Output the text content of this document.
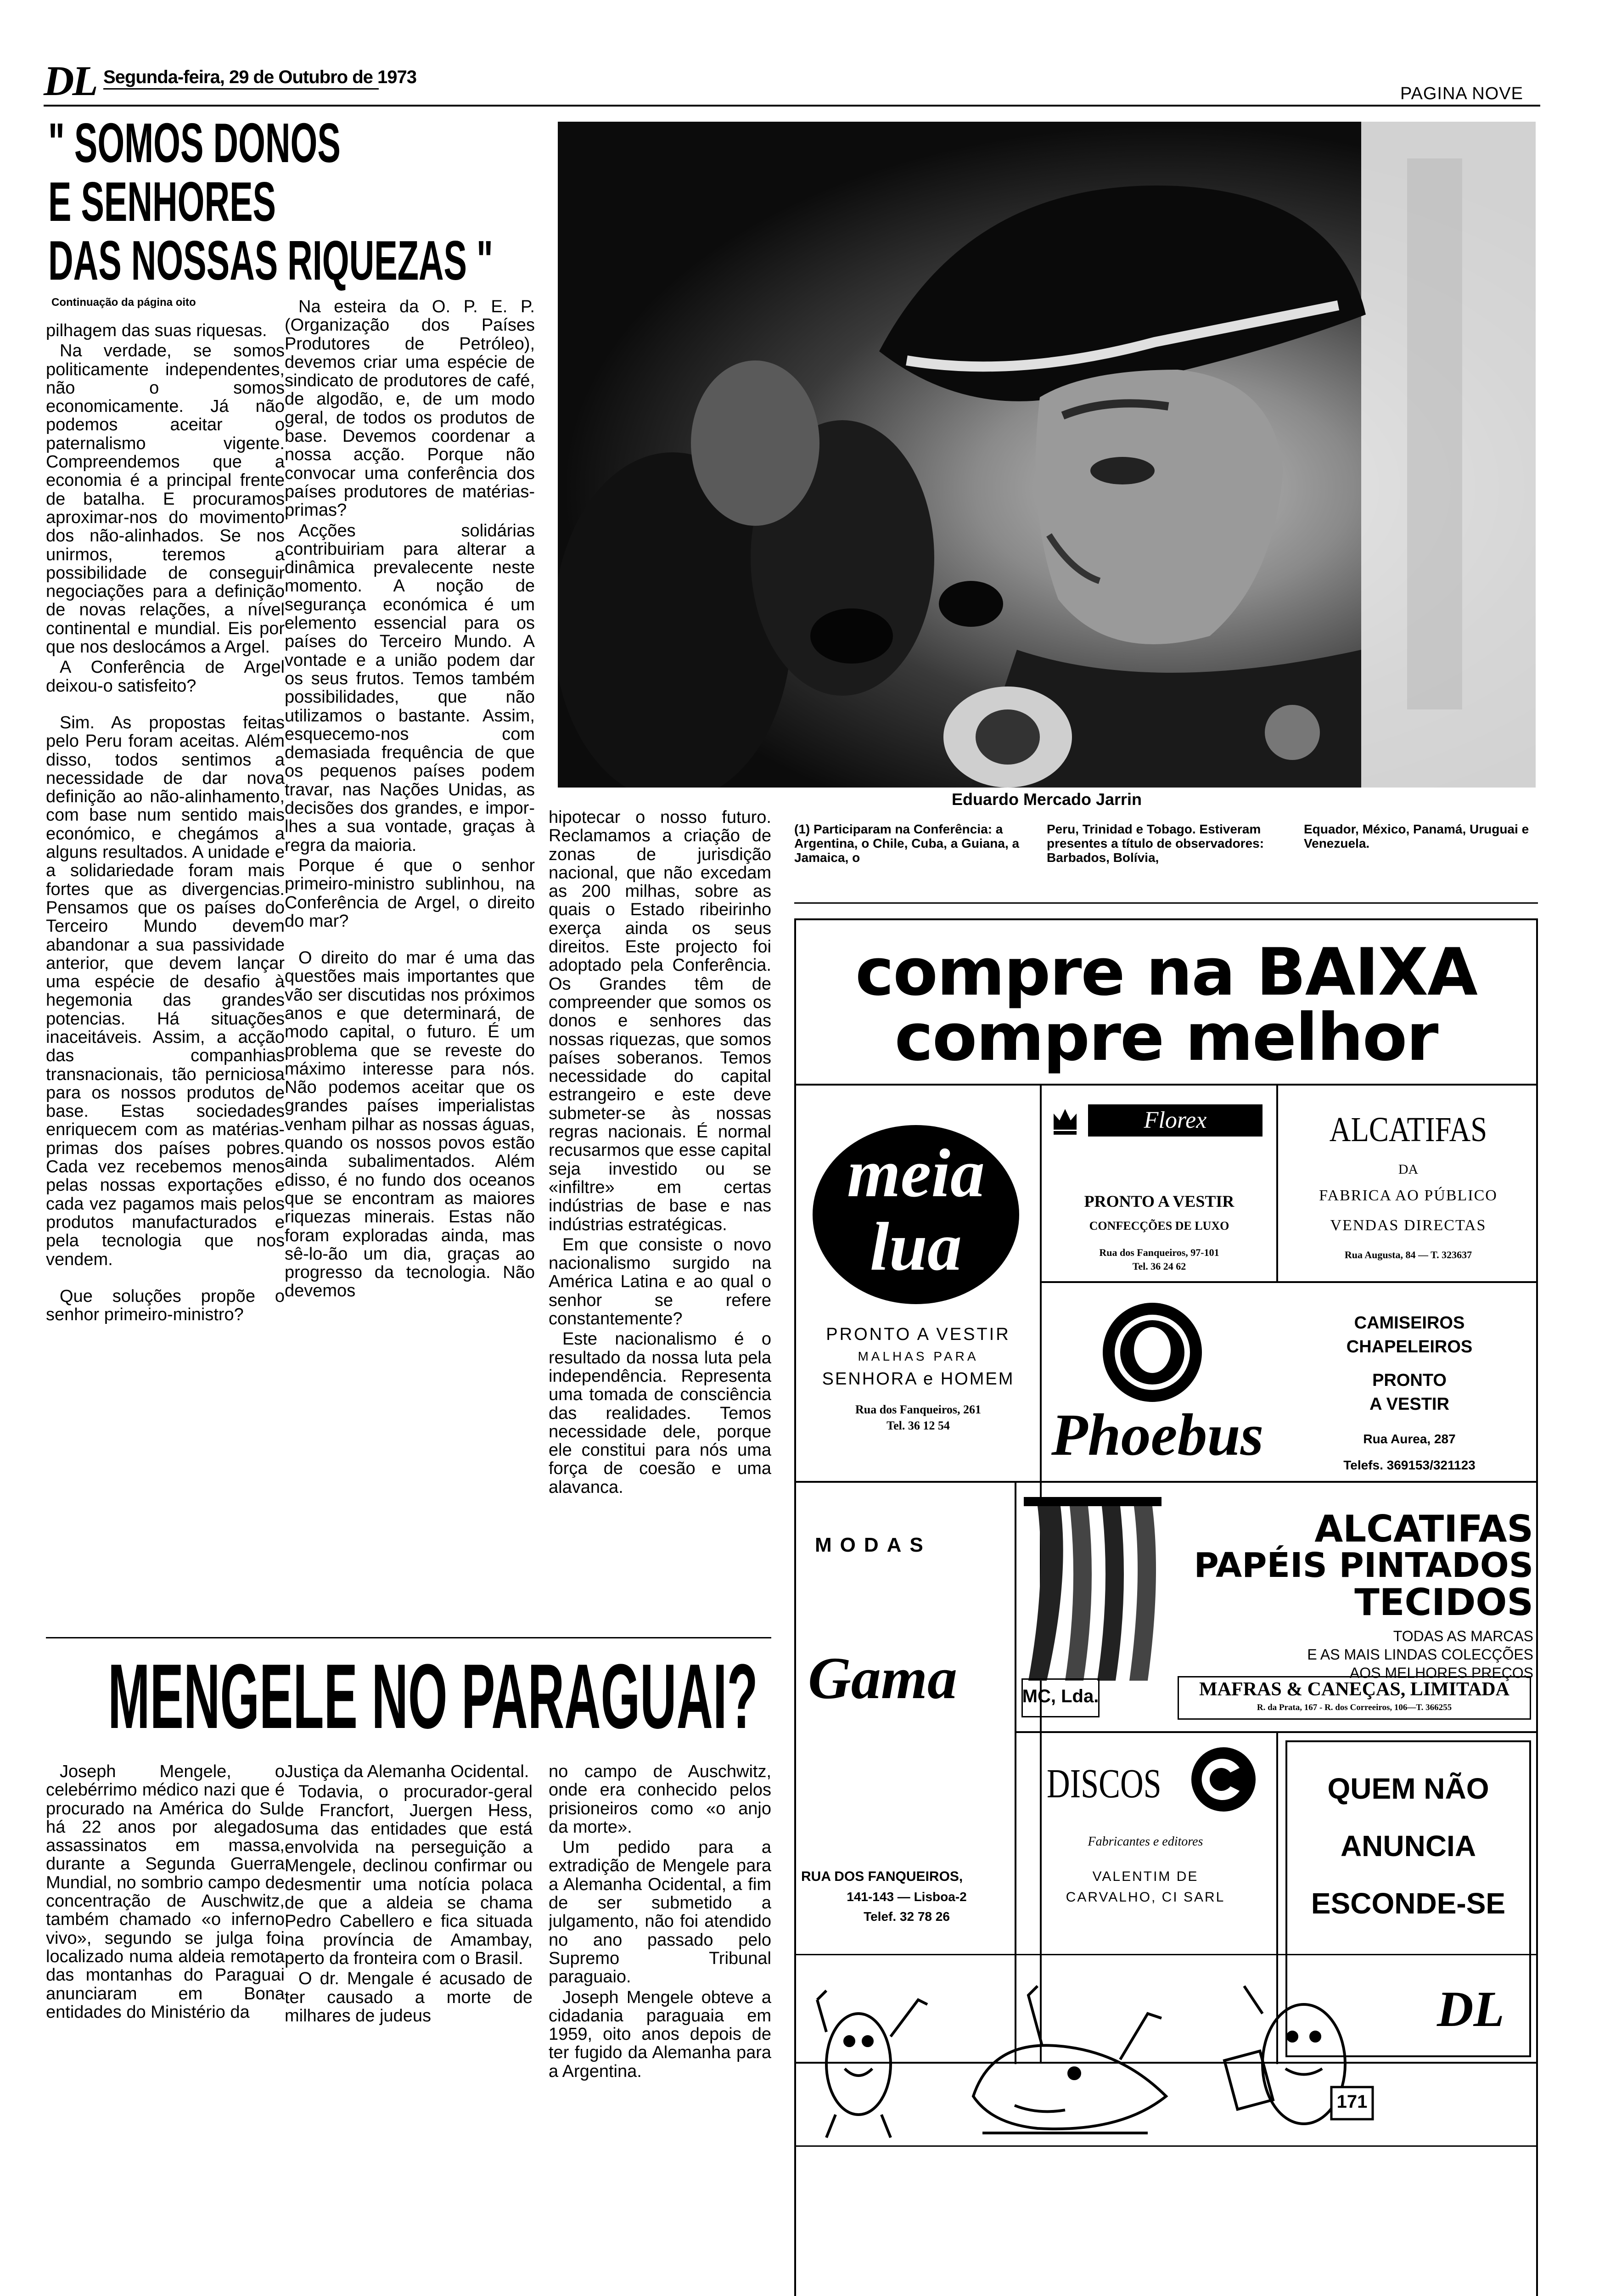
DL Segunda-feira, 29 de Outubro de 1973
PAGINA NOVE
" SOMOS DONOS
E SENHORES
DAS NOSSAS RIQUEZAS "
Continuação da página oito

pilhagem das suas riquesas.

Na verdade, se somos politicamente independentes, não o somos economicamente. Já não podemos aceitar o paternalismo vigente. Compreendemos que a economia é a principal frente de batalha. E procuramos aproximar-nos do movimento dos não-alinhados. Se nos unirmos, teremos a possibilidade de conseguir negociações para a definição de novas relações, a nível continental e mundial. Eis por que nos deslocámos a Argel.

A Conferência de Argel deixou-o satisfeito?

Sim. As propostas feitas pelo Peru foram aceitas. Além disso, todos sentimos a necessidade de dar nova definição ao não-alinhamento, com base num sentido mais económico, e chegámos a alguns resultados. A unidade e a solidariedade foram mais fortes que as divergencias. Pensamos que os países do Terceiro Mundo devem abandonar a sua passividade anterior, que devem lançar uma espécie de desafio à hegemonia das grandes potencias. Há situações inaceitáveis. Assim, a acção das companhias transnacionais, tão perniciosa para os nossos produtos de base. Estas sociedades enriquecem com as matérias-primas dos países pobres. Cada vez recebemos menos pelas nossas exportações e cada vez pagamos mais pelos produtos manufacturados e pela tecnologia que nos vendem.

Que soluções propõe o senhor primeiro-ministro?

Na esteira da O. P. E. P. (Organização dos Países Produtores de Petróleo), devemos criar uma espécie de sindicato de produtores de café, de algodão, e, de um modo geral, de todos os produtos de base. Devemos coordenar a nossa acção. Porque não convocar uma conferência dos países produtores de matérias-primas?

Acções solidárias contribuiriam para alterar a dinâmica prevalecente neste momento. A noção de segurança económica é um elemento essencial para os países do Terceiro Mundo. A vontade e a união podem dar os seus frutos. Temos também possibilidades, que não utilizamos o bastante. Assim, esquecemo-nos com demasiada frequência de que os pequenos países podem travar, nas Nações Unidas, as decisões dos grandes, e impor-lhes a sua vontade, graças à regra da maioria.

Porque é que o senhor primeiro-ministro sublinhou, na Conferência de Argel, o direito do mar?

O direito do mar é uma das questões mais importantes que vão ser discutidas nos próximos anos e que determinará, de modo capital, o futuro. É um problema que se reveste do máximo interesse para nós. Não podemos aceitar que os grandes países imperialistas venham pilhar as nossas águas, quando os nossos povos estão ainda subalimentados. Além disso, é no fundo dos oceanos que se encontram as maiores riquezas minerais. Estas não foram exploradas ainda, mas sê-lo-ão um dia, graças ao progresso da tecnologia. Não devemos

hipotecar o nosso futuro. Reclamamos a criação de zonas de jurisdição nacional, que não excedam as 200 milhas, sobre as quais o Estado ribeirinho exerça ainda os seus direitos. Este projecto foi adoptado pela Conferência. Os Grandes têm de compreender que somos os donos e senhores das nossas riquezas, que somos países soberanos. Temos necessidade do capital estrangeiro e este deve submeter-se às nossas regras nacionais. É normal recusarmos que esse capital seja investido ou se «infiltre» em certas indústrias de base e nas indústrias estratégicas.

Em que consiste o novo nacionalismo surgido na América Latina e ao qual o senhor se refere constantemente?

Este nacionalismo é o resultado da nossa luta pela independência. Representa uma tomada de consciência das realidades. Temos necessidade dele, porque ele constitui para nós uma força de coesão e uma alavanca.

Eduardo Mercado Jarrin
(1) Participaram na Conferência: a Argentina, o Chile, Cuba, a Guiana, a Jamaica, o
Peru, Trinidad e Tobago. Estiveram presentes a título de observadores: Barbados, Bolívia,
Equador, México, Panamá, Uruguai e Venezuela.
compre na BAIXA
compre melhor
meia
lua
PRONTO A VESTIR
MALHAS PARA
SENHORA e HOMEM
Rua dos Fanqueiros, 261
Tel. 36 12 54
Florex
PRONTO A VESTIR
CONFECÇÕES DE LUXO
Rua dos Fanqueiros, 97-101
Tel. 36 24 62
ALCATIFAS
DA
FABRICA AO PÚBLICO
VENDAS DIRECTAS
Rua Augusta, 84 — T. 323637
Phoebus
CAMISEIROS
CHAPELEIROS
PRONTO
A VESTIR
Rua Aurea, 287
Telefs. 369153/321123
MODAS
Gama
RUA DOS FANQUEIROS,
141-143 — Lisboa-2
Telef. 32 78 26
MC, Lda.
ALCATIFAS
PAPÉIS PINTADOS
TECIDOS
TODAS AS MARCAS
E AS MAIS LINDAS COLECÇÕES
AOS MELHORES PREÇOS
MAFRAS & CANEÇAS, LIMITADA
R. da Prata, 167 - R. dos Correeiros, 106—T. 366255
DISCOS
Fabricantes e editores
VALENTIM DE
CARVALHO, CI SARL
QUEM NÃO
ANUNCIA
ESCONDE-SE
171
DL
MENGELE NO PARAGUAI?

Joseph Mengele, o celebérrimo médico nazi que é procurado na América do Sul há 22 anos por alegados assassinatos em massa, durante a Segunda Guerra Mundial, no sombrio campo de concentração de Auschwitz, também chamado «o inferno vivo», segundo se julga foi localizado numa aldeia remota das montanhas do Paraguai anunciaram em Bona entidades do Ministério da

Justiça da Alemanha Ocidental.

Todavia, o procurador-geral de Francfort, Juergen Hess, uma das entidades que está envolvida na perseguição a Mengele, declinou confirmar ou desmentir uma notícia polaca de que a aldeia se chama Pedro Cabellero e fica situada na província de Amambay, perto da fronteira com o Brasil.

O dr. Mengale é acusado de ter causado a morte de milhares de judeus

no campo de Auschwitz, onde era conhecido pelos prisioneiros como «o anjo da morte».

Um pedido para a extradição de Mengele para a Alemanha Ocidental, a fim de ser submetido a julgamento, não foi atendido no ano passado pelo Supremo Tribunal paraguaio.

Joseph Mengele obteve a cidadania paraguaia em 1959, oito anos depois de ter fugido da Alemanha para a Argentina.
